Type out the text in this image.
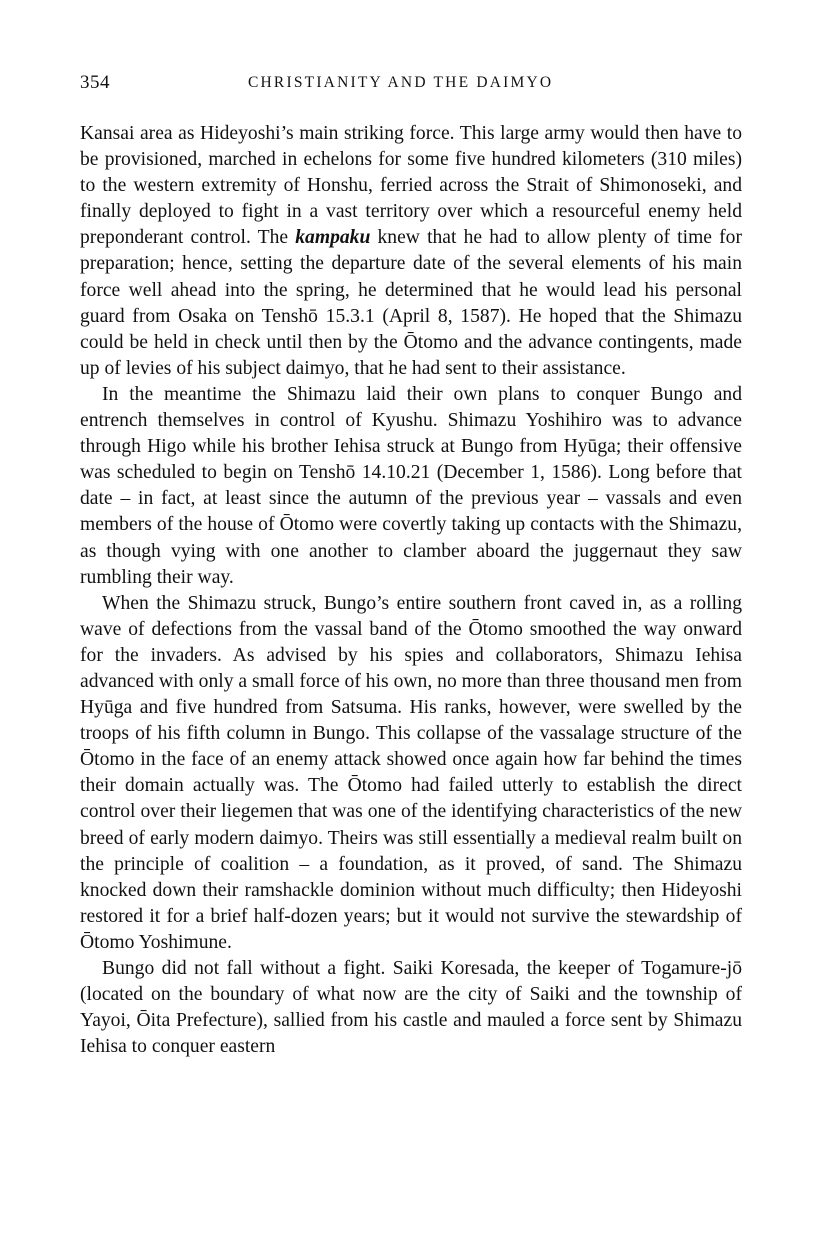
354	CHRISTIANITY AND THE DAIMYO

Kansai area as Hideyoshi’s main striking force. This large army would then have to be provisioned, marched in echelons for some five hundred kilometers (310 miles) to the western extremity of Honshu, ferried across the Strait of Shimonoseki, and finally deployed to fight in a vast territory over which a resourceful enemy held preponderant control. The kampaku knew that he had to allow plenty of time for preparation; hence, setting the departure date of the several elements of his main force well ahead into the spring, he determined that he would lead his personal guard from Osaka on Tenshō 15.3.1 (April 8, 1587). He hoped that the Shimazu could be held in check until then by the Ōtomo and the advance contingents, made up of levies of his subject daimyo, that he had sent to their assistance.

In the meantime the Shimazu laid their own plans to conquer Bungo and entrench themselves in control of Kyushu. Shimazu Yoshihiro was to advance through Higo while his brother Iehisa struck at Bungo from Hyūga; their offensive was scheduled to begin on Tenshō 14.10.21 (December 1, 1586). Long before that date – in fact, at least since the autumn of the previous year – vassals and even members of the house of Ōtomo were covertly taking up contacts with the Shimazu, as though vying with one another to clamber aboard the juggernaut they saw rumbling their way.

When the Shimazu struck, Bungo’s entire southern front caved in, as a rolling wave of defections from the vassal band of the Ōtomo smoothed the way onward for the invaders. As advised by his spies and collaborators, Shimazu Iehisa advanced with only a small force of his own, no more than three thousand men from Hyūga and five hundred from Satsuma. His ranks, however, were swelled by the troops of his fifth column in Bungo. This collapse of the vassalage structure of the Ōtomo in the face of an enemy attack showed once again how far behind the times their domain actually was. The Ōtomo had failed utterly to establish the direct control over their liegemen that was one of the identifying characteristics of the new breed of early modern daimyo. Theirs was still essentially a medieval realm built on the principle of coalition – a foundation, as it proved, of sand. The Shimazu knocked down their ramshackle dominion without much difficulty; then Hideyoshi restored it for a brief half-dozen years; but it would not survive the stewardship of Ōtomo Yoshimune.

Bungo did not fall without a fight. Saiki Koresada, the keeper of Togamure-jō (located on the boundary of what now are the city of Saiki and the township of Yayoi, Ōita Prefecture), sallied from his castle and mauled a force sent by Shimazu Iehisa to conquer eastern
